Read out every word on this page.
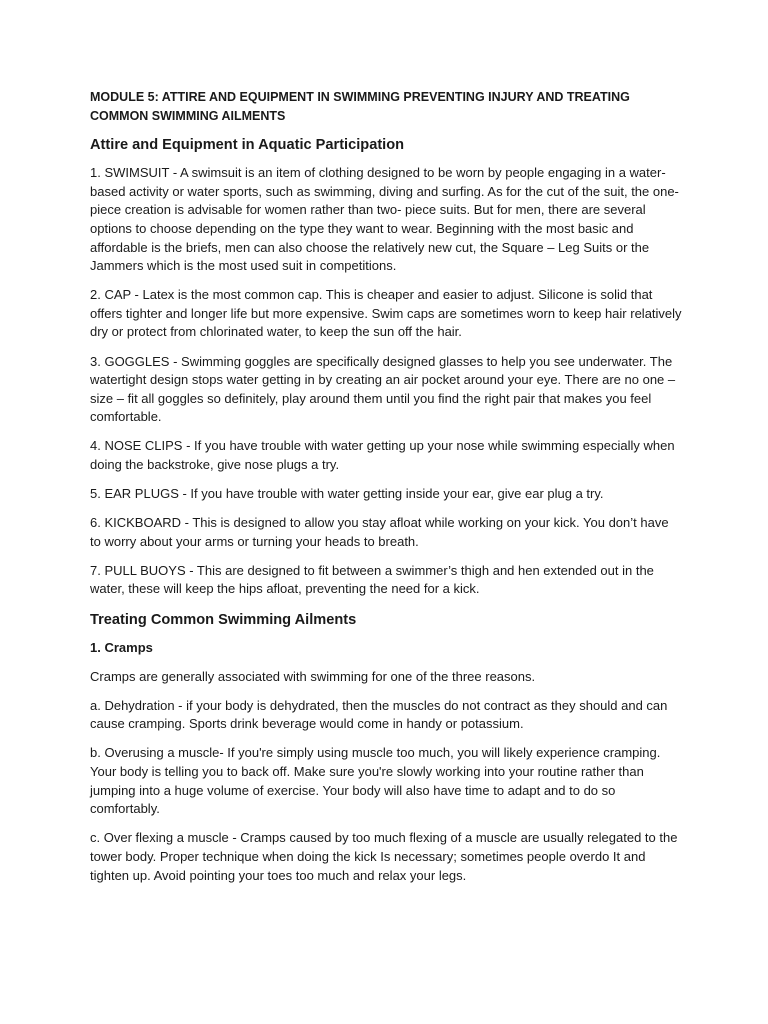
MODULE 5: ATTIRE AND EQUIPMENT IN SWIMMING PREVENTING INJURY AND TREATING COMMON SWIMMING AILMENTS
Attire and Equipment in Aquatic Participation

1. SWIMSUIT - A swimsuit is an item of clothing designed to be worn by people engaging in a water-based activity or water sports, such as swimming, diving and surfing. As for the cut of the suit, the one-piece creation is advisable for women rather than two- piece suits. But for men, there are several options to choose depending on the type they want to wear. Beginning with the most basic and affordable is the briefs, men can also choose the relatively new cut, the Square – Leg Suits or the Jammers which is the most used suit in competitions.

2. CAP - Latex is the most common cap. This is cheaper and easier to adjust. Silicone is solid that offers tighter and longer life but more expensive. Swim caps are sometimes worn to keep hair relatively dry or protect from chlorinated water, to keep the sun off the hair.

3. GOGGLES - Swimming goggles are specifically designed glasses to help you see underwater. The watertight design stops water getting in by creating an air pocket around your eye. There are no one – size – fit all goggles so definitely, play around them until you find the right pair that makes you feel comfortable.

4. NOSE CLIPS - If you have trouble with water getting up your nose while swimming especially when doing the backstroke, give nose plugs a try.

5. EAR PLUGS - If you have trouble with water getting inside your ear, give ear plug a try.

6. KICKBOARD - This is designed to allow you stay afloat while working on your kick. You don’t have to worry about your arms or turning your heads to breath.

7. PULL BUOYS - This are designed to fit between a swimmer’s thigh and hen extended out in the water, these will keep the hips afloat, preventing the need for a kick.

Treating Common Swimming Ailments
1. Cramps

Cramps are generally associated with swimming for one of the three reasons.

a. Dehydration - if your body is dehydrated, then the muscles do not contract as they should and can cause cramping. Sports drink beverage would come in handy or potassium.

b. Overusing a muscle- If you're simply using muscle too much, you will likely experience cramping. Your body is telling you to back off. Make sure you're slowly working into your routine rather than jumping into a huge volume of exercise. Your body will also have time to adapt and to do so comfortably.

c. Over flexing a muscle - Cramps caused by too much flexing of a muscle are usually relegated to the tower body. Proper technique when doing the kick Is necessary; sometimes people overdo It and tighten up. Avoid pointing your toes too much and relax your legs.
